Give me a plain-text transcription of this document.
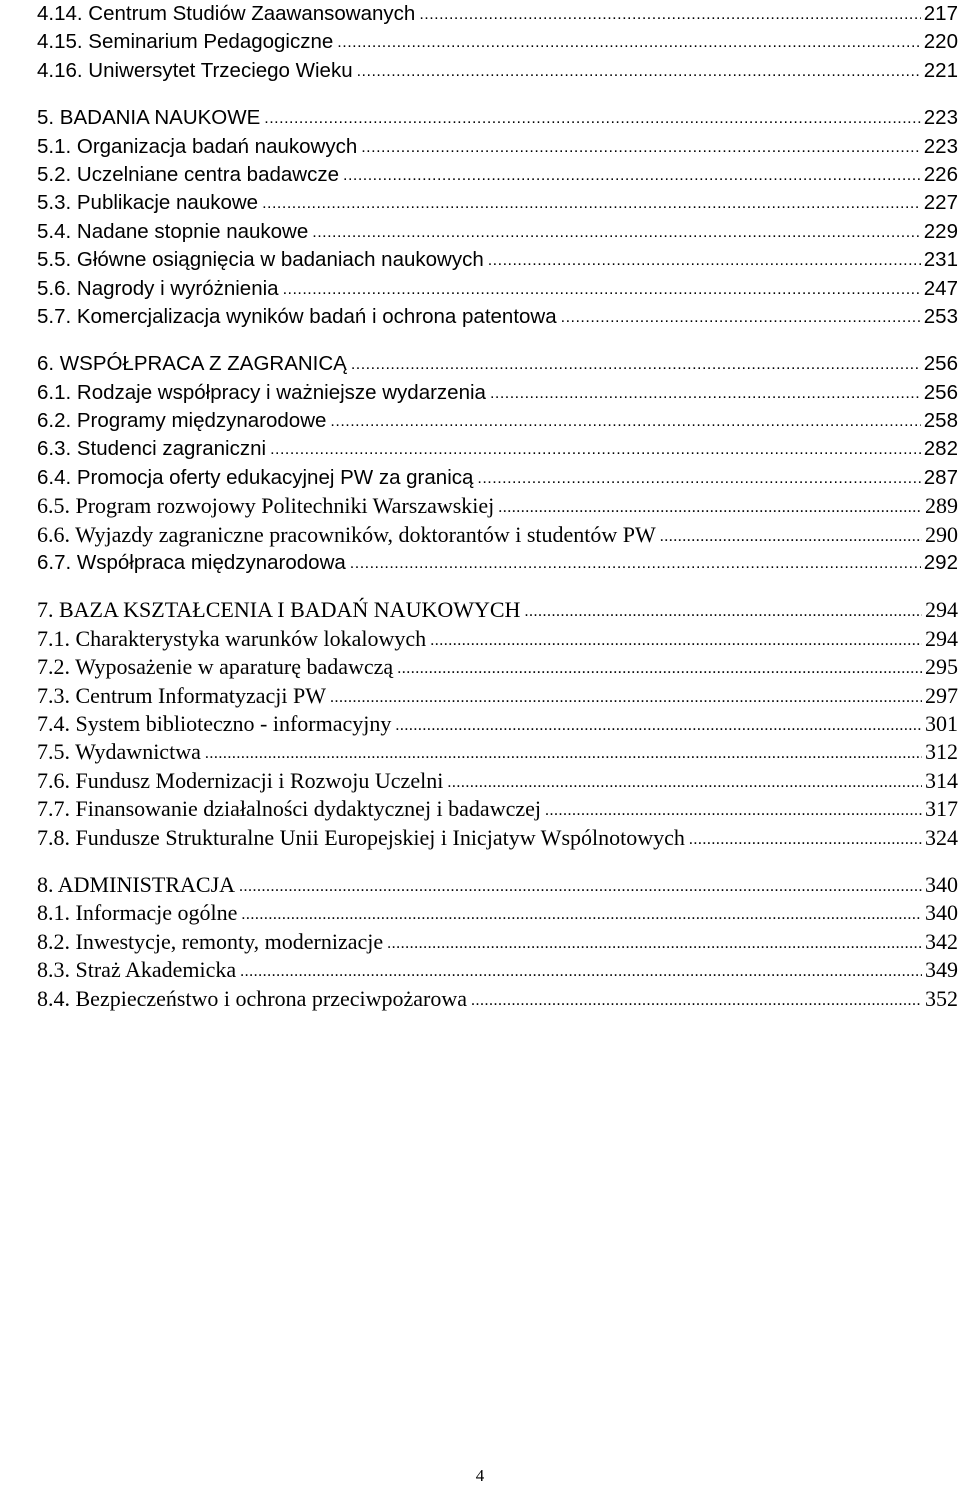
4.14. Centrum Studiów Zaawansowanych .....	217
4.15. Seminarium Pedagogiczne .....	220
4.16. Uniwersytet Trzeciego Wieku .....	221
5. BADANIA NAUKOWE .....	223
5.1. Organizacja badań naukowych .....	223
5.2. Uczelniane centra badawcze .....	226
5.3. Publikacje naukowe .....	227
5.4. Nadane stopnie naukowe .....	229
5.5. Główne osiągnięcia w badaniach naukowych .....	231
5.6. Nagrody i wyróżnienia .....	247
5.7. Komercjalizacja wyników badań i ochrona patentowa .....	253
6. WSPÓŁPRACA Z ZAGRANICĄ .....	256
6.1. Rodzaje współpracy i ważniejsze wydarzenia .....	256
6.2. Programy międzynarodowe .....	258
6.3. Studenci zagraniczni .....	282
6.4. Promocja oferty edukacyjnej PW za granicą .....	287
6.5. Program rozwojowy Politechniki Warszawskiej .....	289
6.6. Wyjazdy zagraniczne pracowników, doktorantów i studentów PW .....	290
6.7. Współpraca międzynarodowa .....	292
7. BAZA KSZTAŁCENIA I BADAŃ NAUKOWYCH .....	294
7.1. Charakterystyka warunków lokalowych .....	294
7.2. Wyposażenie w aparaturę badawczą .....	295
7.3. Centrum Informatyzacji PW .....	297
7.4. System biblioteczno - informacyjny .....	301
7.5. Wydawnictwa .....	312
7.6. Fundusz Modernizacji i Rozwoju Uczelni .....	314
7.7. Finansowanie działalności dydaktycznej i badawczej .....	317
7.8. Fundusze Strukturalne Unii Europejskiej i Inicjatyw Wspólnotowych .....	324
8. ADMINISTRACJA .....	340
8.1. Informacje ogólne .....	340
8.2. Inwestycje, remonty, modernizacje .....	342
8.3. Straż Akademicka .....	349
8.4. Bezpieczeństwo i ochrona przeciwpożarowa .....	352
4
